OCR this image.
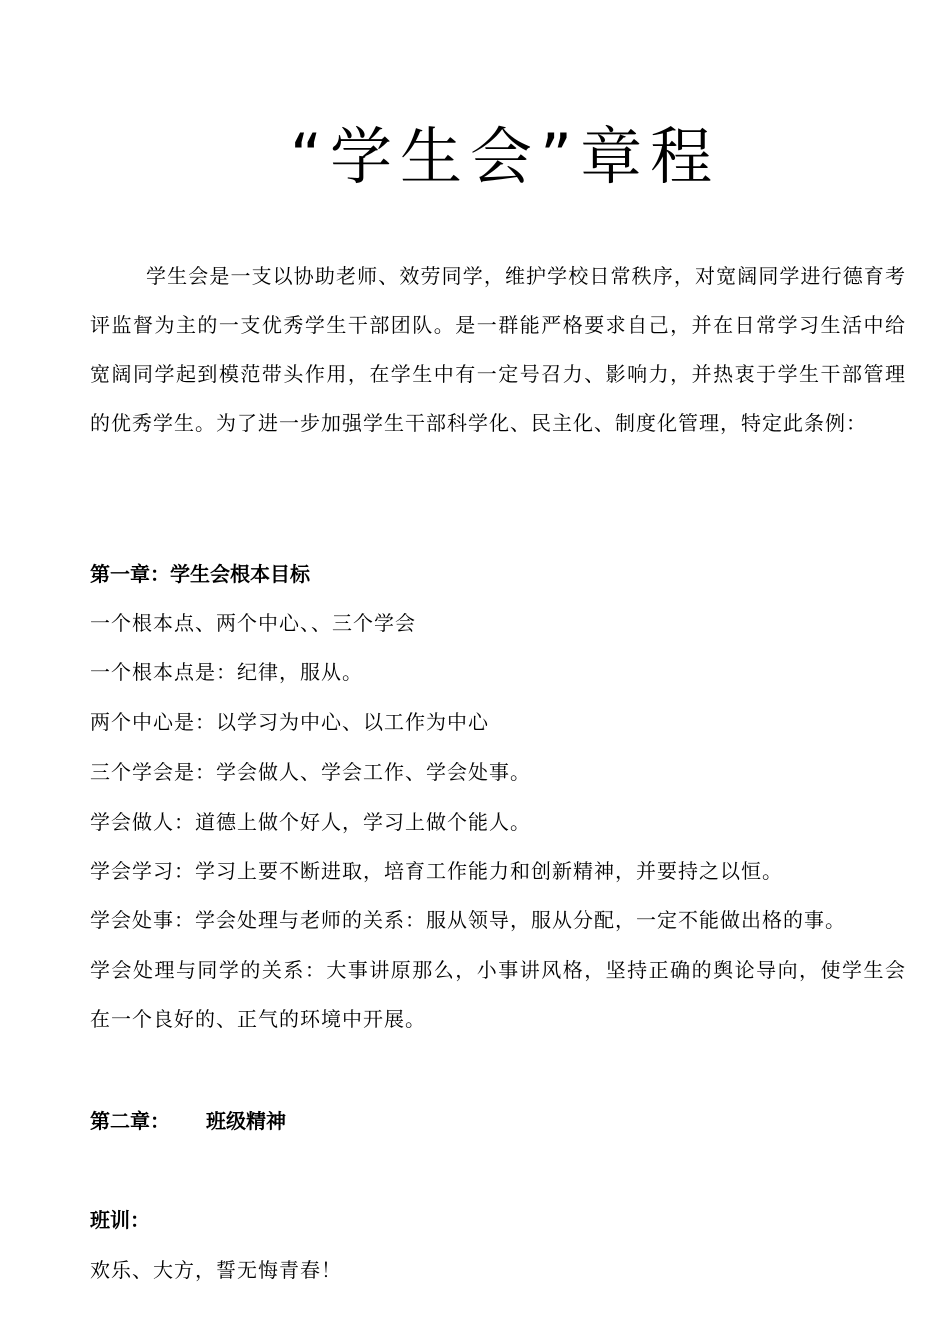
“学生会”章程

学生会是一支以协助老师、效劳同学，维护学校日常秩序，对宽阔同学进行德育考评监督为主的一支优秀学生干部团队。是一群能严格要求自己，并在日常学习生活中给宽阔同学起到模范带头作用，在学生中有一定号召力、影响力，并热衷于学生干部管理的优秀学生。为了进一步加强学生干部科学化、民主化、制度化管理，特定此条例：

第一章：学生会根本目标

一个根本点、两个中心、、三个学会

一个根本点是：纪律，服从。

两个中心是：以学习为中心、以工作为中心

三个学会是：学会做人、学会工作、学会处事。

学会做人：道德上做个好人，学习上做个能人。

学会学习：学习上要不断进取，培育工作能力和创新精神，并要持之以恒。

学会处事：学会处理与老师的关系：服从领导，服从分配，一定不能做出格的事。

学会处理与同学的关系：大事讲原那么，小事讲风格，坚持正确的舆论导向，使学生会在一个良好的、正气的环境中开展。

第二章： 班级精神

班训：

欢乐、大方，誓无悔青春！
